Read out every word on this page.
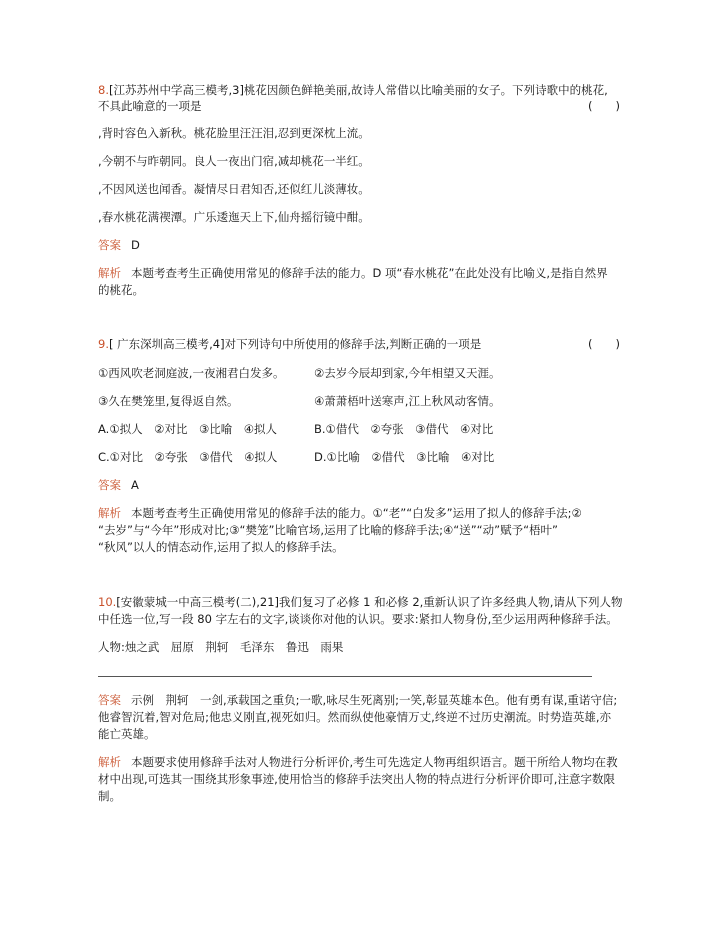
8.[江苏苏州中学高三模考,3]桃花因颜色鲜艳美丽,故诗人常借以比喻美丽的女子。下列诗歌中的桃花,
不具此喻意的一项是	(　　)
,背时容色入新秋。桃花脸里汪汪泪,忍到更深枕上流。
,今朝不与昨朝同。良人一夜出门宿,减却桃花一半红。
,不因风送也闻香。凝情尽日君知否,还似红儿淡薄妆。
,春水桃花满禊潭。广乐逶迤天上下,仙舟摇衍镜中酣。
答案 D
解析 本题考查考生正确使用常见的修辞手法的能力。D 项“春水桃花”在此处没有比喻义,是指自然界
的桃花。
9.[ 广东深圳高三模考,4]对下列诗句中所使用的修辞手法,判断正确的一项是	(　　)
①西风吹老洞庭波,一夜湘君白发多。	②去岁今辰却到家,今年相望又天涯。
③久在樊笼里,复得返自然。	④萧萧梧叶送寒声,江上秋风动客情。
A.①拟人　②对比　③比喻　④拟人	B.①借代　②夸张　③借代　④对比
C.①对比　②夸张　③借代　④拟人	D.①比喻　②借代　③比喻　④对比
答案 A
解析 本题考查考生正确使用常见的修辞手法的能力。①“老”“白发多”运用了拟人的修辞手法;②
“去岁”与“今年”形成对比;③“樊笼”比喻官场,运用了比喻的修辞手法;④“送”“动”赋予“梧叶”
“秋风”以人的情态动作,运用了拟人的修辞手法。
10.[安徽蒙城一中高三模考(二),21]我们复习了必修 1 和必修 2,重新认识了许多经典人物,请从下列人物
中任选一位,写一段 80 字左右的文字,谈谈你对他的认识。要求:紧扣人物身份,至少运用两种修辞手法。
人物:烛之武　屈原　荆轲　毛泽东　鲁迅　雨果
答案 示例　荆轲　一剑,承载国之重负;一歌,咏尽生死离别;一笑,彰显英雄本色。他有勇有谋,重诺守信;
他睿智沉着,智对危局;他忠义刚直,视死如归。然而纵使他豪情万丈,终逆不过历史潮流。时势造英雄,亦
能亡英雄。
解析 本题要求使用修辞手法对人物进行分析评价,考生可先选定人物再组织语言。题干所给人物均在教
材中出现,可选其一围绕其形象事迹,使用恰当的修辞手法突出人物的特点进行分析评价即可,注意字数限
制。
